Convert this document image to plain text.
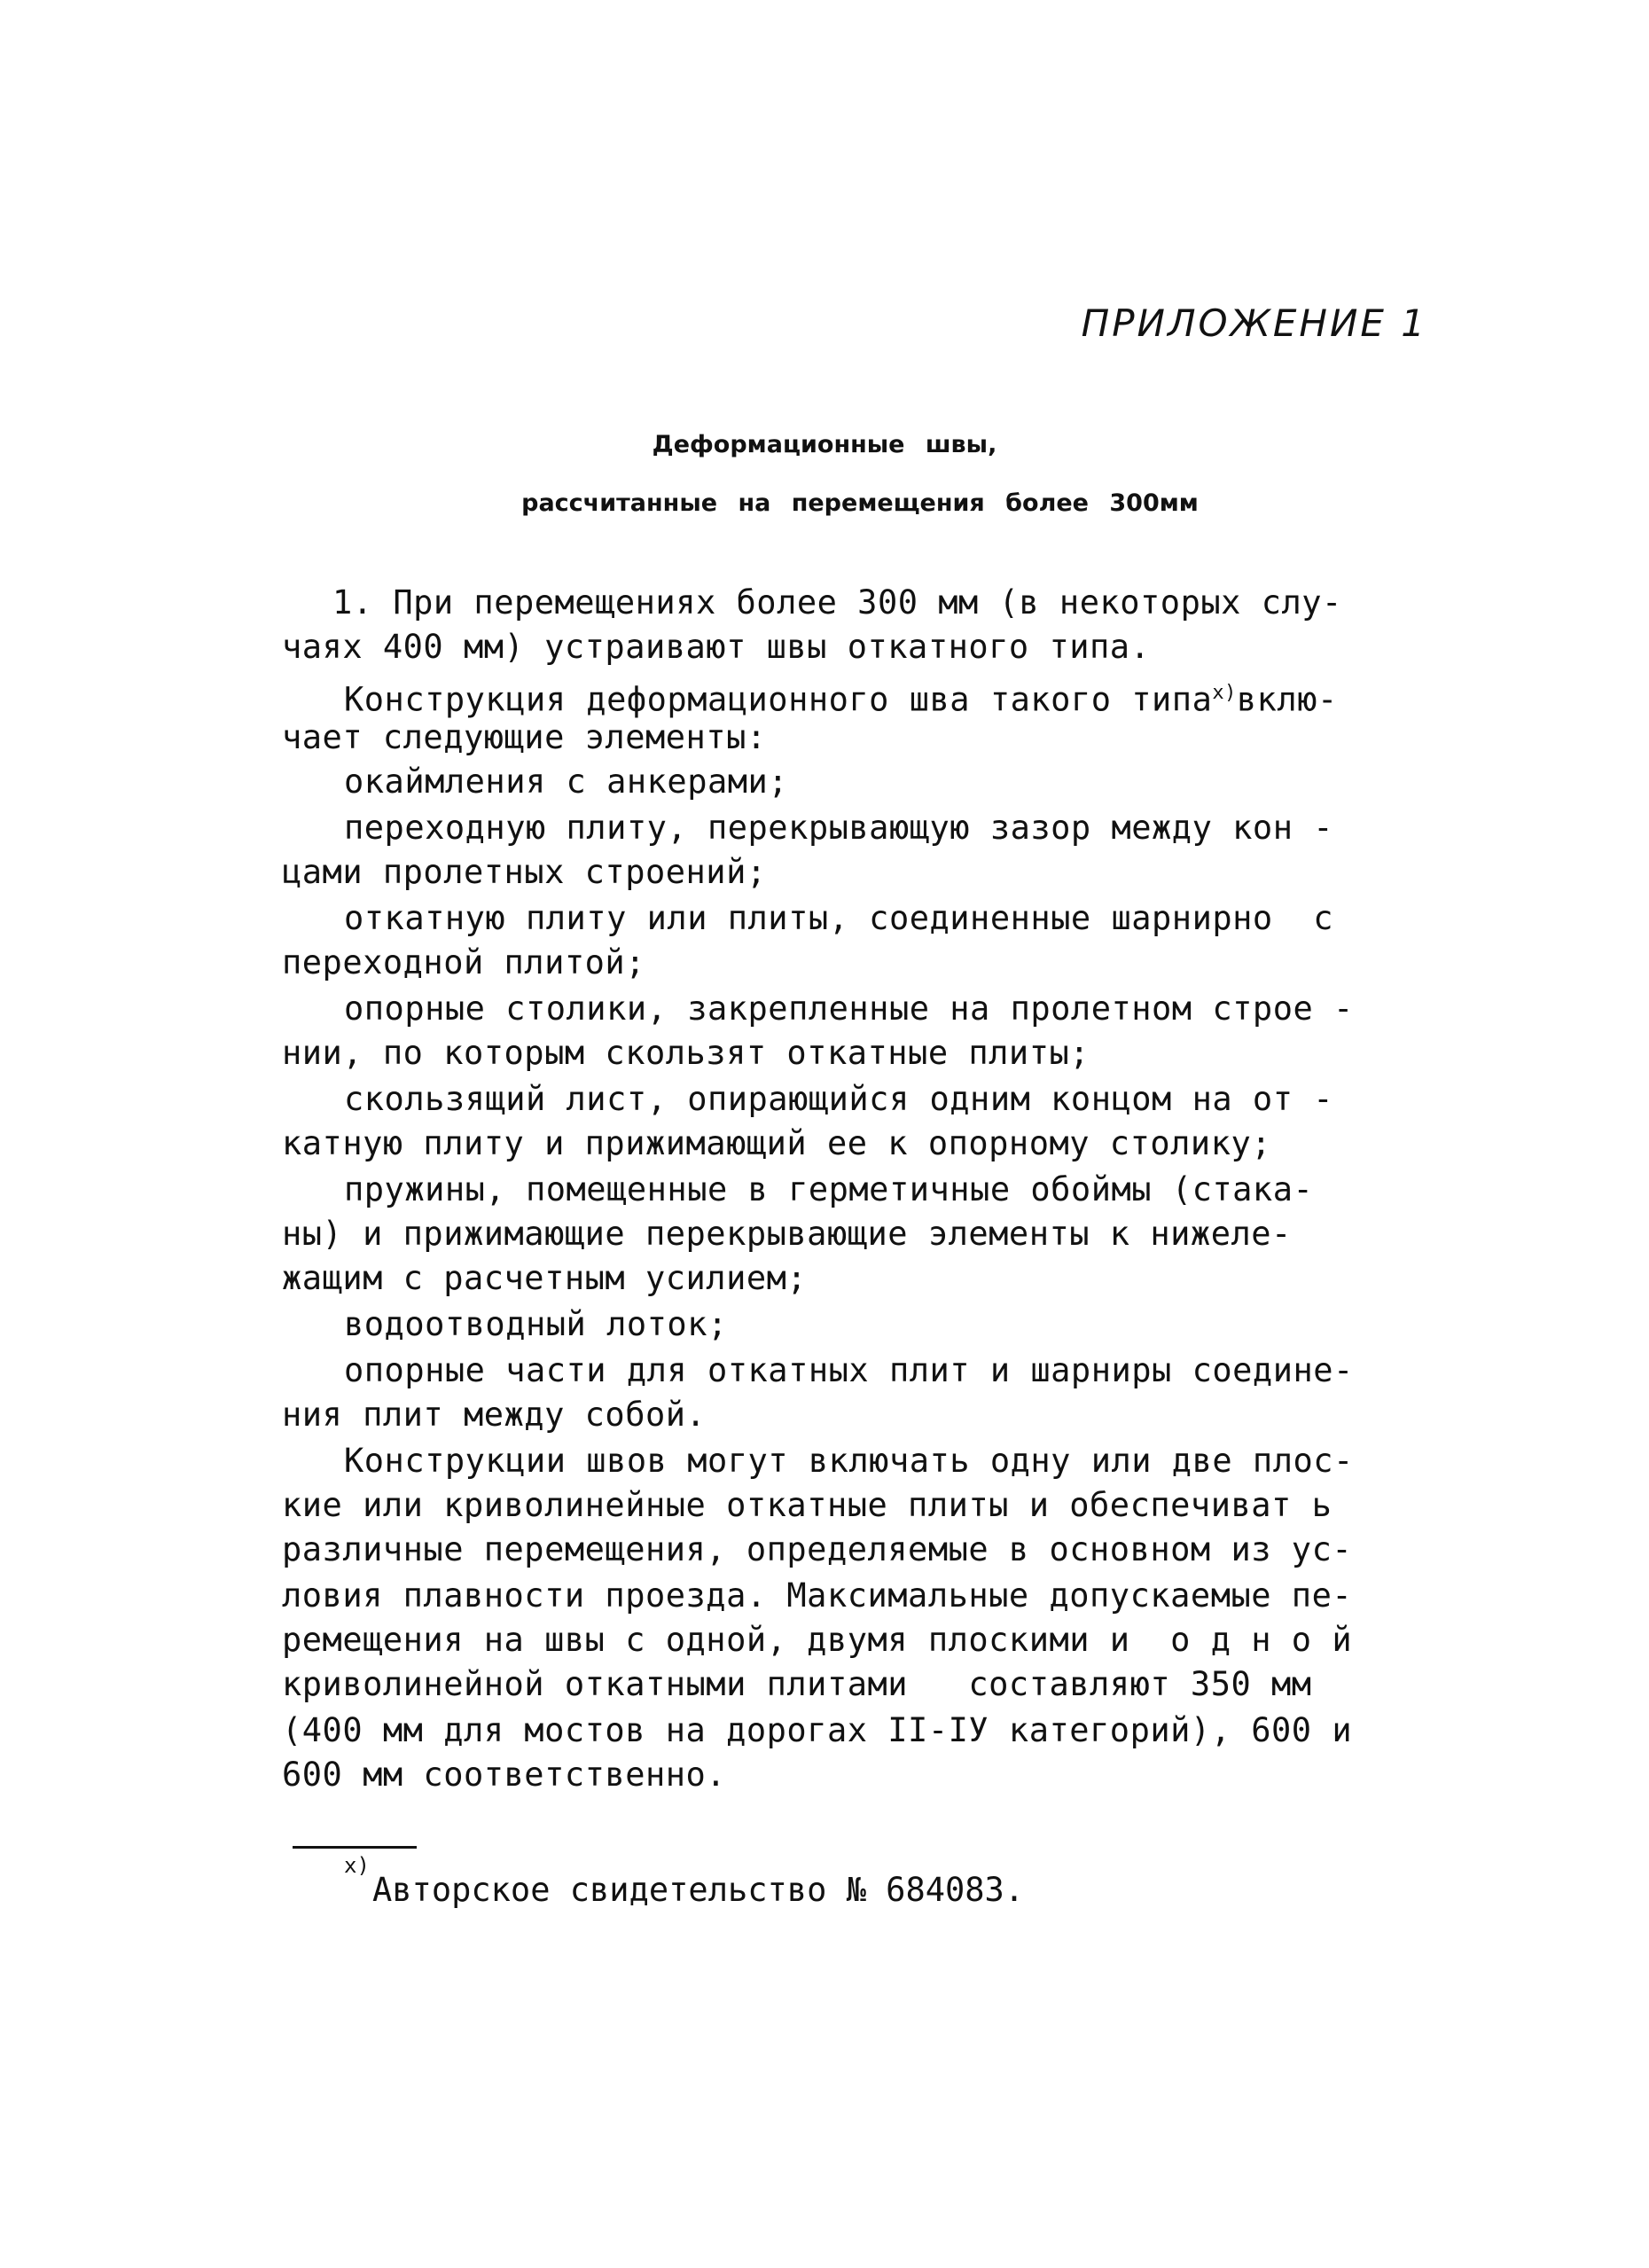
ПРИЛОЖЕНИЕ 1
Деформационные швы,
рассчитанные на перемещения более 300мм
1. При перемещениях более 300 мм (в некоторых слу-
чаях 400 мм) устраивают швы откатного типа.
Конструкция деформационного шва такого типа$^{x)}$вклю-
чает следующие элементы:
окаймления с анкерами;
переходную плиту, перекрывающую зазор между кон -
цами пролетных строений;
откатную плиту или плиты, соединенные шарнирно  с
переходной плитой;
опорные столики, закрепленные на пролетном строе -
нии, по которым скользят откатные плиты;
скользящий лист, опирающийся одним концом на от -
катную плиту и прижимающий ее к опорному столику;
пружины, помещенные в герметичные обоймы (стака-
ны) и прижимающие перекрывающие элементы к нижеле-
жащим с расчетным усилием;
водоотводный лоток;
опорные части для откатных плит и шарниры соедине-
ния плит между собой.
Конструкции швов могут включать одну или две плос-
кие или криволинейные откатные плиты и обеспечиват ь
различные перемещения, определяемые в основном из ус-
ловия плавности проезда. Максимальные допускаемые пе-
ремещения на швы с одной, двумя плоскими и  о д н о й
криволинейной откатными плитами   составляют 350 мм
(400 мм для мостов на дорогах II-IУ категорий), 600 и
600 мм соответственно.
x)
Авторское свидетельство № 684083.
